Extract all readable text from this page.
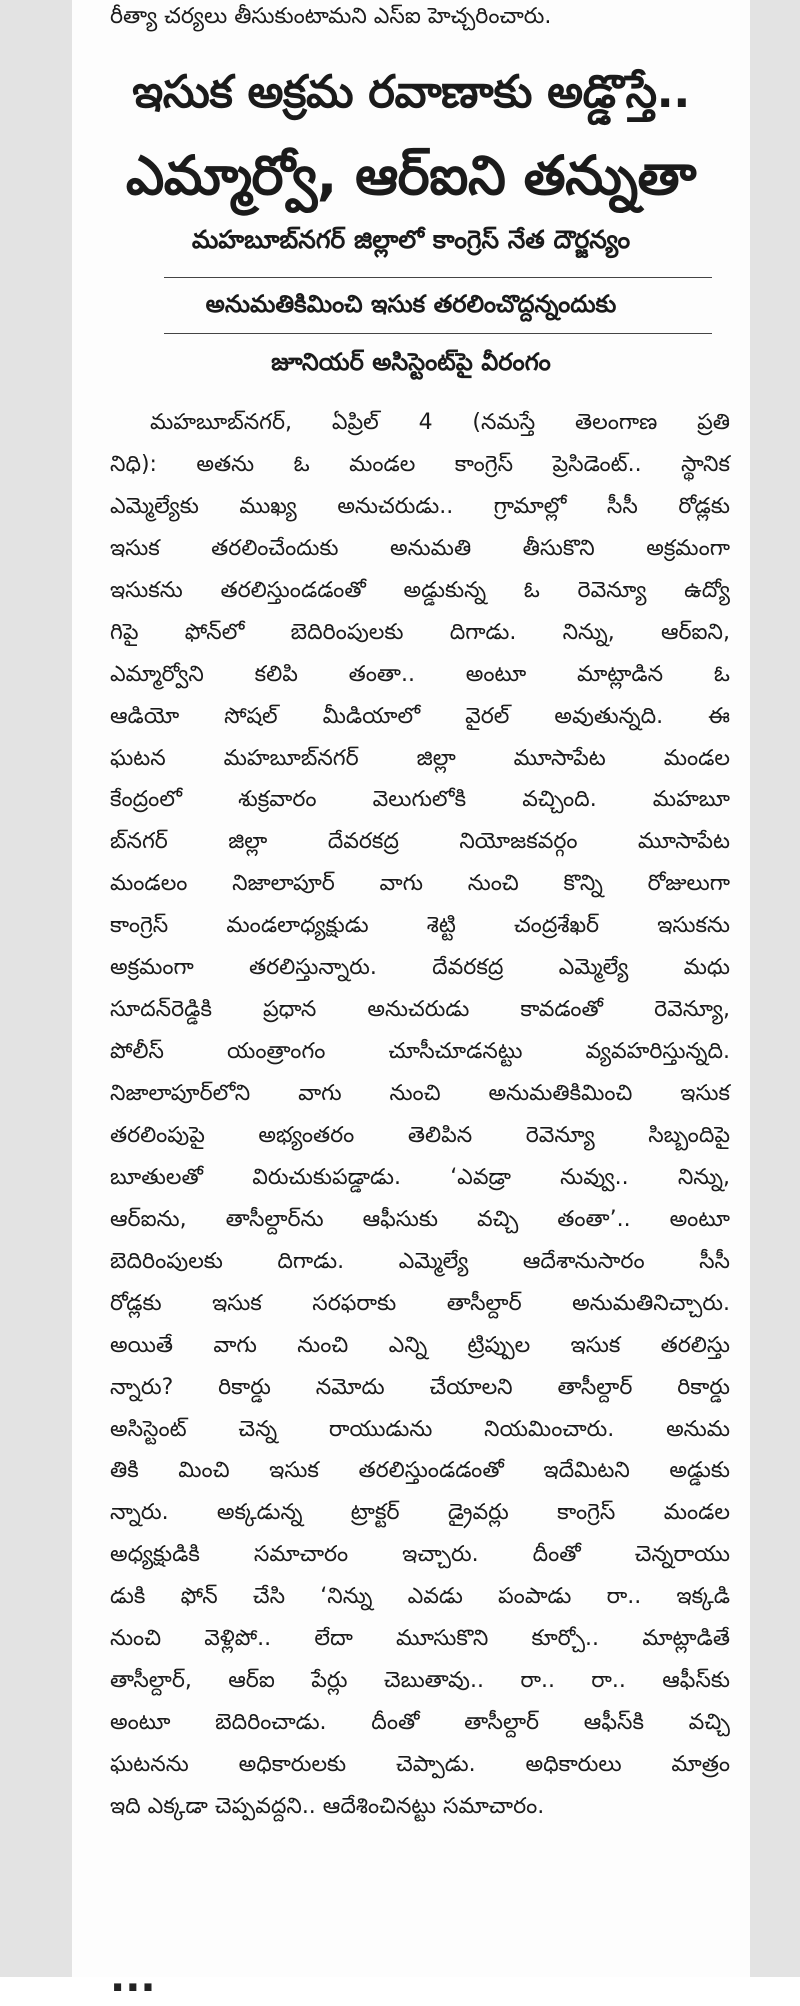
రీత్యా చర్యలు తీసుకుంటామని ఎస్ఐ హెచ్చరించారు.
ఇసుక అక్రమ రవాణాకు అడ్డొస్తే..
ఎమ్మార్వో, ఆర్ఐని తన్నుతా
మహబూబ్‌నగర్ జిల్లాలో కాంగ్రెస్ నేత దౌర్జన్యం
అనుమతికిమించి ఇసుక తరలించొద్దన్నందుకు
జూనియర్ అసిస్టెంట్‌పై వీరంగం
మహబూబ్‌నగర్, ఏప్రిల్ 4 (నమస్తే తెలంగాణ ప్రతి
నిధి): అతను ఓ మండల కాంగ్రెస్ ప్రెసిడెంట్.. స్థానిక
ఎమ్మెల్యేకు ముఖ్య అనుచరుడు.. గ్రామాల్లో సీసీ రోడ్లకు
ఇసుక తరలించేందుకు అనుమతి తీసుకొని అక్రమంగా
ఇసుకను తరలిస్తుండడంతో అడ్డుకున్న ఓ రెవెన్యూ ఉద్యో
గిపై ఫోన్‌లో బెదిరింపులకు దిగాడు. నిన్ను, ఆర్ఐని,
ఎమ్మార్వోని కలిపి తంతా.. అంటూ మాట్లాడిన ఓ
ఆడియో సోషల్ మీడియాలో వైరల్ అవుతున్నది. ఈ
ఘటన మహబూబ్‌నగర్ జిల్లా మూసాపేట మండల
కేంద్రంలో శుక్రవారం వెలుగులోకి వచ్చింది. మహబూ
బ్‌నగర్ జిల్లా దేవరకద్ర నియోజకవర్గం మూసాపేట
మండలం నిజాలాపూర్ వాగు నుంచి కొన్ని రోజులుగా
కాంగ్రెస్ మండలాధ్యక్షుడు శెట్టి చంద్రశేఖర్ ఇసుకను
అక్రమంగా తరలిస్తున్నారు. దేవరకద్ర ఎమ్మెల్యే మధు
సూదన్‌రెడ్డికి ప్రధాన అనుచరుడు కావడంతో రెవెన్యూ,
పోలీస్ యంత్రాంగం చూసీచూడనట్టు వ్యవహరిస్తున్నది.
నిజాలాపూర్‌లోని వాగు నుంచి అనుమతికిమించి ఇసుక
తరలింపుపై అభ్యంతరం తెలిపిన రెవెన్యూ సిబ్బందిపై
బూతులతో విరుచుకుపడ్డాడు. ‘ఎవడ్రా నువ్వు.. నిన్ను,
ఆర్ఐను, తాసీల్దార్‌ను ఆఫీసుకు వచ్చి తంతా’.. అంటూ
బెదిరింపులకు దిగాడు. ఎమ్మెల్యే ఆదేశానుసారం సీసీ
రోడ్లకు ఇసుక సరఫరాకు తాసీల్దార్ అనుమతినిచ్చారు.
అయితే వాగు నుంచి ఎన్ని ట్రిప్పుల ఇసుక తరలిస్తు
న్నారు? రికార్డు నమోదు చేయాలని తాసీల్దార్ రికార్డు
అసిస్టెంట్ చెన్న రాయుడును నియమించారు. అనుమ
తికి మించి ఇసుక తరలిస్తుండడంతో ఇదేమిటని అడ్డుకు
న్నారు. అక్కడున్న ట్రాక్టర్ డ్రైవర్లు కాంగ్రెస్ మండల
అధ్యక్షుడికి సమాచారం ఇచ్చారు. దీంతో చెన్నరాయు
డుకి ఫోన్ చేసి ‘నిన్ను ఎవడు పంపాడు రా.. ఇక్కడి
నుంచి వెళ్లిపో.. లేదా మూసుకొని కూర్చో.. మాట్లాడితే
తాసీల్దార్, ఆర్ఐ పేర్లు చెబుతావు.. రా.. రా.. ఆఫీస్‌కు
అంటూ బెదిరించాడు. దీంతో తాసీల్దార్ ఆఫీస్‌కి వచ్చి
ఘటనను అధికారులకు చెప్పాడు. అధికారులు మాత్రం
ఇది ఎక్కడా చెప్పవద్దని.. ఆదేశించినట్టు సమాచారం.
...
